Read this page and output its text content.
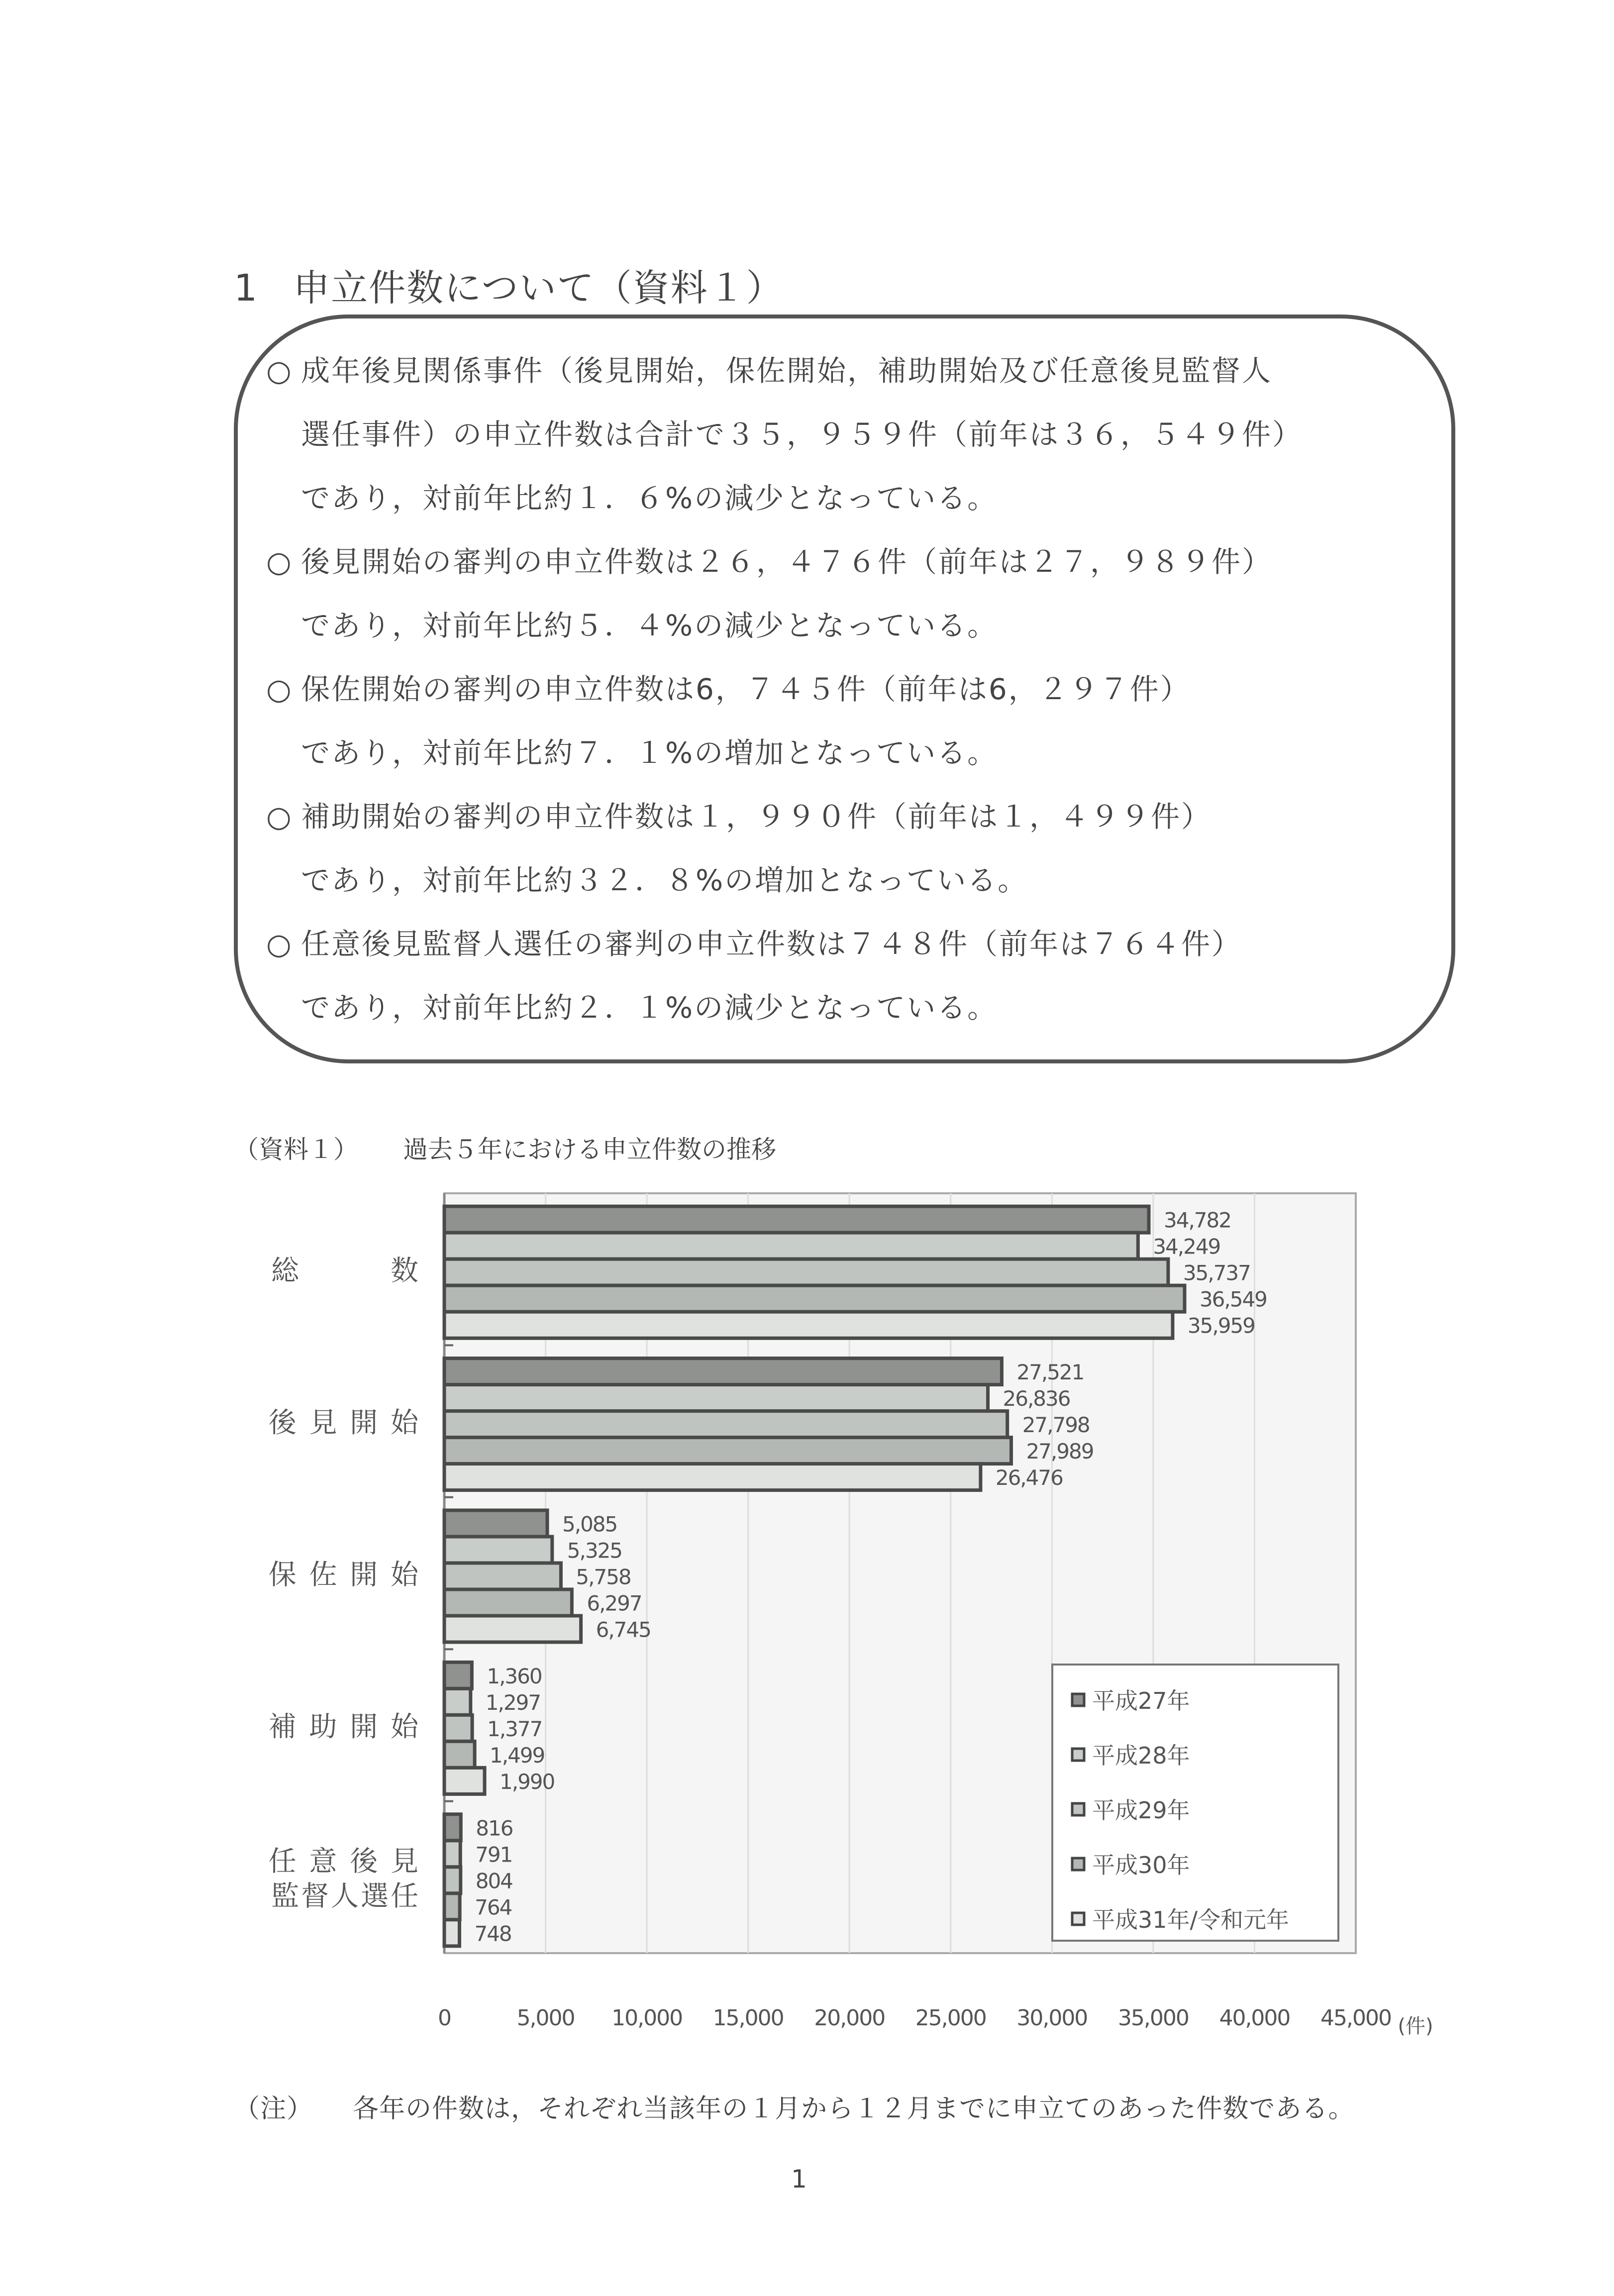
1 申立件数について（資料１）
○ 成年後見関係事件（後見開始，保佐開始，補助開始及び任意後見監督人
選任事件）の申立件数は合計で３５，９５９件（前年は３６，５４９件）
であり，対前年比約１．６%の減少となっている。
○ 後見開始の審判の申立件数は２６，４７６件（前年は２７，９８９件）
であり，対前年比約５．４%の減少となっている。
○ 保佐開始の審判の申立件数は6，７４５件（前年は6，２９７件）
であり，対前年比約７．１%の増加となっている。
○ 補助開始の審判の申立件数は１，９９０件（前年は１，４９９件）
であり，対前年比約３２．８%の増加となっている。
○ 任意後見監督人選任の審判の申立件数は７４８件（前年は７６４件）
であり，対前年比約２．１%の減少となっている。
（資料１） 過去５年における申立件数の推移
34,782
34,249
35,737
36,549
35,959
27,521
26,836
27,798
27,989
26,476
5,085
5,325
5,758
6,297
6,745
1,360
1,297
1,377
1,499
1,990
816
791
804
764
748
総　　　数
後 見 開 始
保 佐 開 始
補 助 開 始
任 意 後 見
監督人選任
0	5,000 10,000 15,000 20,000 25,000 30,000 35,000 40,000 45,000 (件)
平成27年
平成28年
平成29年
平成30年
平成31年/令和元年
（注） 各年の件数は，それぞれ当該年の１月から１２月までに申立てのあった件数である。
1
